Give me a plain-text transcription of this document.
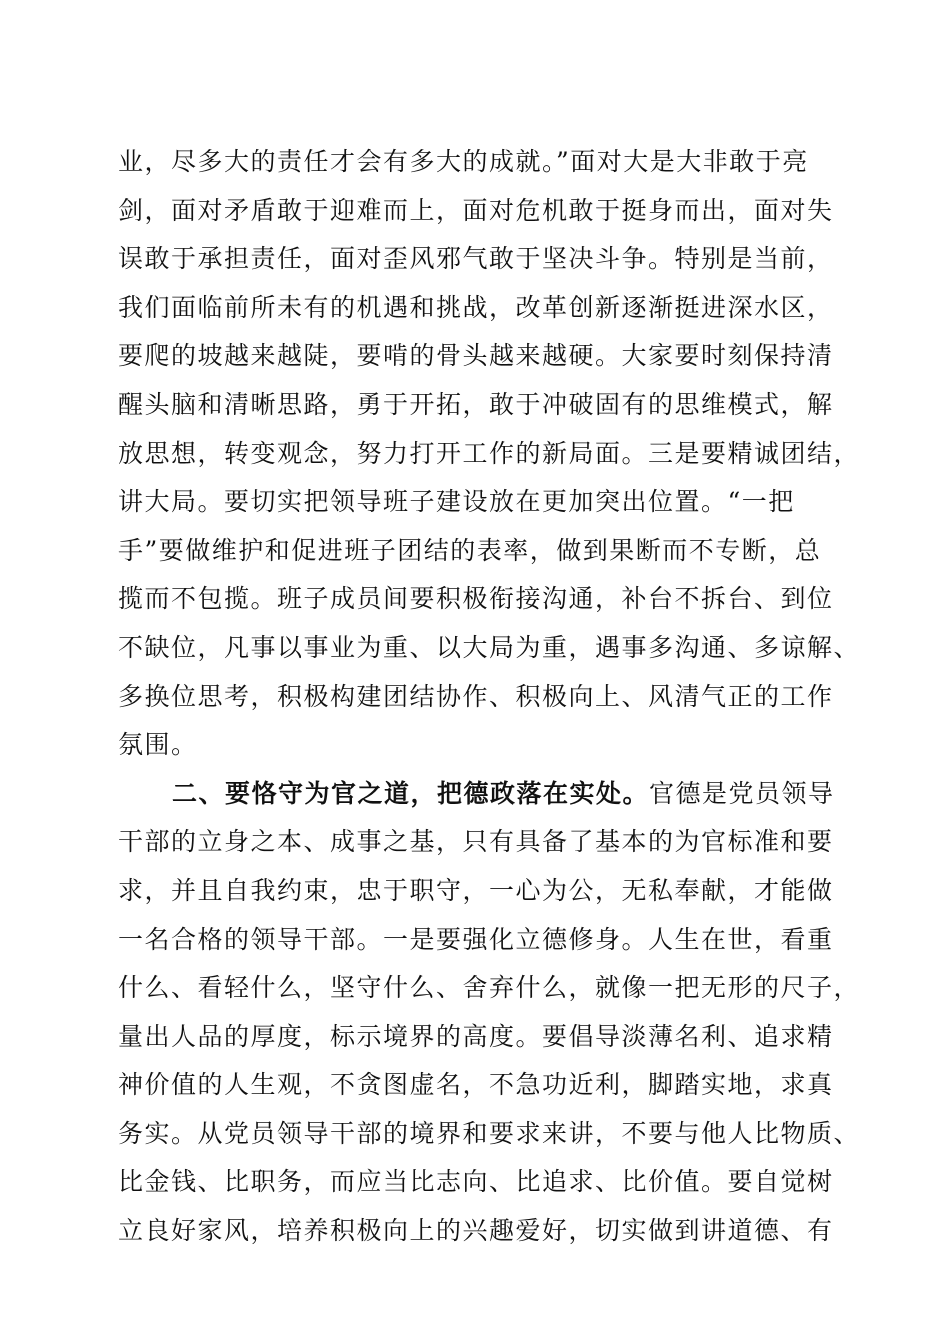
业，尽多大的责任才会有多大的成就。”面对大是大非敢于亮
剑，面对矛盾敢于迎难而上，面对危机敢于挺身而出，面对失
误敢于承担责任，面对歪风邪气敢于坚决斗争。特别是当前，
我们面临前所未有的机遇和挑战，改革创新逐渐挺进深水区，
要爬的坡越来越陡，要啃的骨头越来越硬。大家要时刻保持清
醒头脑和清晰思路，勇于开拓，敢于冲破固有的思维模式，解
放思想，转变观念，努力打开工作的新局面。三是要精诚团结，
讲大局。要切实把领导班子建设放在更加突出位置。“一把
手”要做维护和促进班子团结的表率，做到果断而不专断，总
揽而不包揽。班子成员间要积极衔接沟通，补台不拆台、到位
不缺位，凡事以事业为重、以大局为重，遇事多沟通、多谅解、
多换位思考，积极构建团结协作、积极向上、风清气正的工作
氛围。
二、要恪守为官之道，把德政落在实处。官德是党员领导
干部的立身之本、成事之基，只有具备了基本的为官标准和要
求，并且自我约束，忠于职守，一心为公，无私奉献，才能做
一名合格的领导干部。一是要强化立德修身。人生在世，看重
什么、看轻什么，坚守什么、舍弃什么，就像一把无形的尺子，
量出人品的厚度，标示境界的高度。要倡导淡薄名利、追求精
神价值的人生观，不贪图虚名，不急功近利，脚踏实地，求真
务实。从党员领导干部的境界和要求来讲，不要与他人比物质、
比金钱、比职务，而应当比志向、比追求、比价值。要自觉树
立良好家风，培养积极向上的兴趣爱好，切实做到讲道德、有
